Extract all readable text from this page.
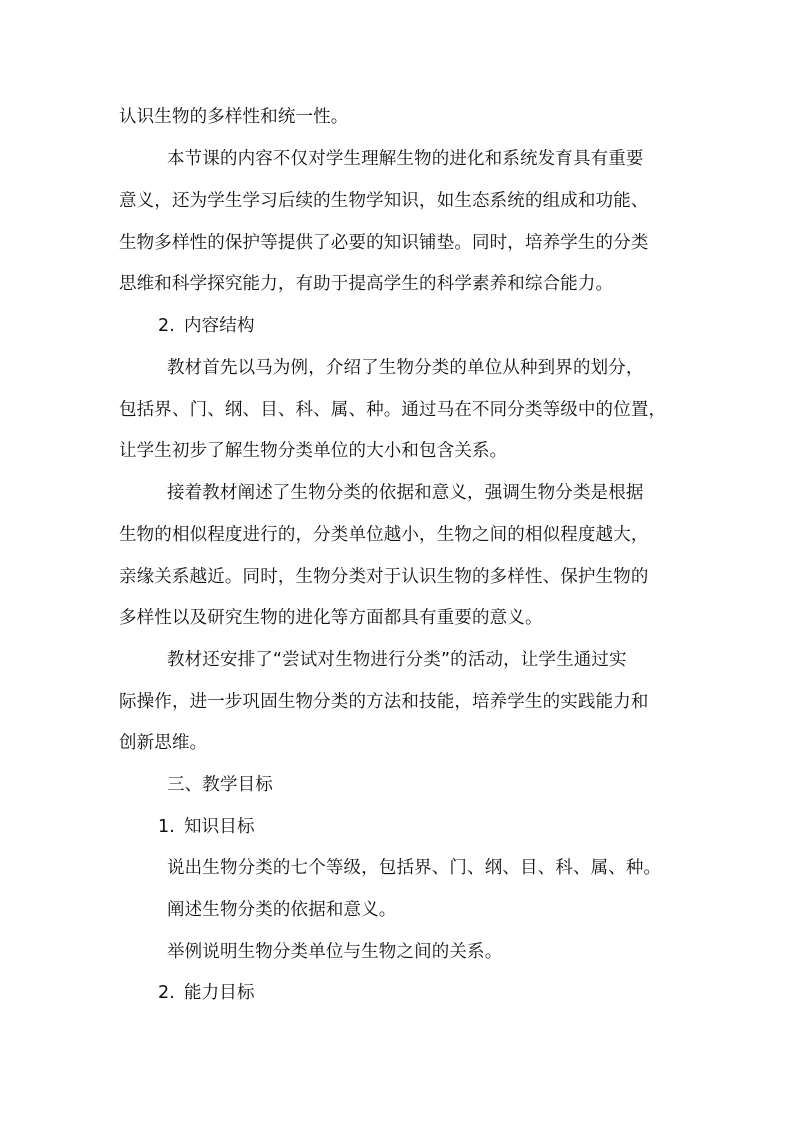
认识生物的多样性和统一性。
本节课的内容不仅对学生理解生物的进化和系统发育具有重要
意义，还为学生学习后续的生物学知识，如生态系统的组成和功能、
生物多样性的保护等提供了必要的知识铺垫。同时，培养学生的分类
思维和科学探究能力，有助于提高学生的科学素养和综合能力。
2. 内容结构
教材首先以马为例，介绍了生物分类的单位从种到界的划分，
包括界、门、纲、目、科、属、种。通过马在不同分类等级中的位置，
让学生初步了解生物分类单位的大小和包含关系。
接着教材阐述了生物分类的依据和意义，强调生物分类是根据
生物的相似程度进行的，分类单位越小，生物之间的相似程度越大，
亲缘关系越近。同时，生物分类对于认识生物的多样性、保护生物的
多样性以及研究生物的进化等方面都具有重要的意义。
教材还安排了“尝试对生物进行分类”的活动，让学生通过实
际操作，进一步巩固生物分类的方法和技能，培养学生的实践能力和
创新思维。
三、教学目标
1. 知识目标
说出生物分类的七个等级，包括界、门、纲、目、科、属、种。
阐述生物分类的依据和意义。
举例说明生物分类单位与生物之间的关系。
2. 能力目标
